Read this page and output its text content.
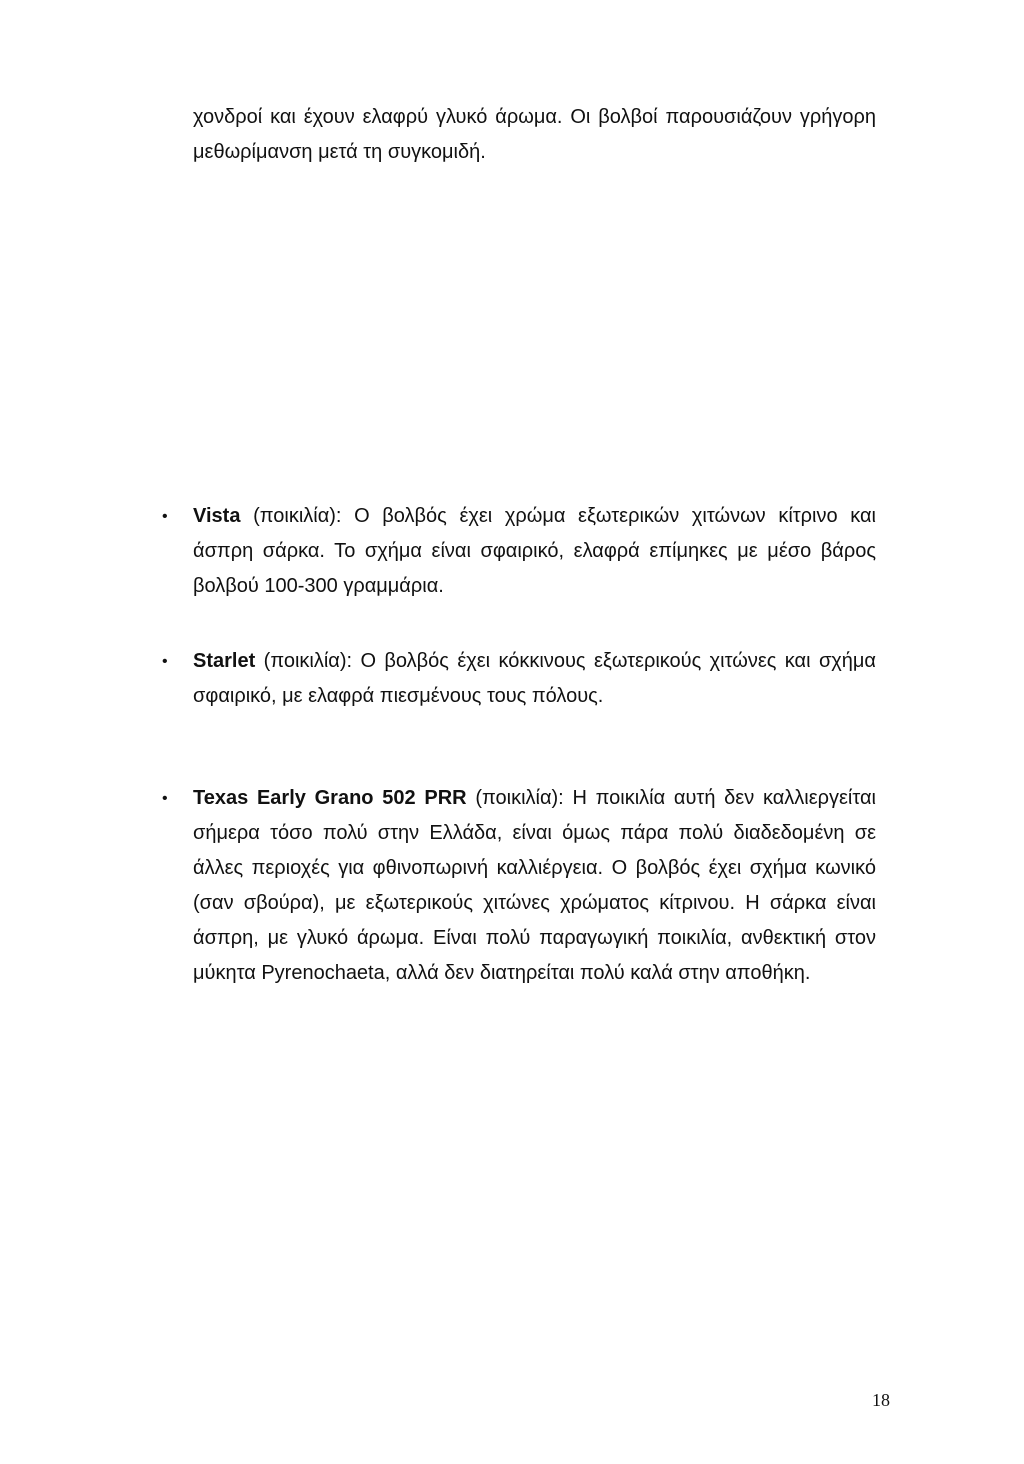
χονδροί και έχουν ελαφρύ γλυκό άρωμα. Οι βολβοί παρουσιάζουν γρήγορη μεθωρίμανση μετά τη συγκομιδή.

• Vista (ποικιλία): Ο βολβός έχει χρώμα εξωτερικών χιτώνων κίτρινο και άσπρη σάρκα. Το σχήμα είναι σφαιρικό, ελαφρά επίμηκες με μέσο βάρος βολβού 100-300 γραμμάρια.
• Starlet (ποικιλία): Ο βολβός έχει κόκκινους εξωτερικούς χιτώνες και σχήμα σφαιρικό, με ελαφρά πιεσμένους τους πόλους.
• Texas Early Grano 502 PRR (ποικιλία): Η ποικιλία αυτή δεν καλλιεργείται σήμερα τόσο πολύ στην Ελλάδα, είναι όμως πάρα πολύ διαδεδομένη σε άλλες περιοχές για φθινοπωρινή καλλιέργεια. Ο βολβός έχει σχήμα κωνικό (σαν σβούρα), με εξωτερικούς χιτώνες χρώματος κίτρινου. Η σάρκα είναι άσπρη, με γλυκό άρωμα. Είναι πολύ παραγωγική ποικιλία, ανθεκτική στον μύκητα Pyrenochaeta, αλλά δεν διατηρείται πολύ καλά στην αποθήκη.
18
